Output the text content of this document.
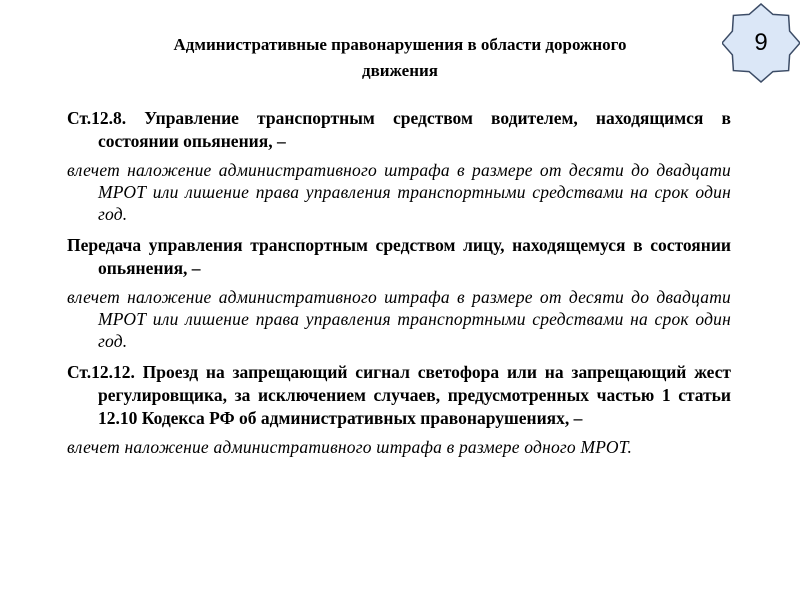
Административные правонарушения в области дорожного
движения
9

Ст.12.8. Управление транспортным средством водителем, находящимся в состоянии опьянения, –

влечет наложение административного штрафа в размере от десяти до двадцати МРОТ или лишение права управления транспортными средствами на срок один год.

Передача управления транспортным средством лицу, находящемуся в состоянии опьянения, –

влечет наложение административного штрафа в размере от десяти до двадцати МРОТ или лишение права управления транспортными средствами на срок один год.

Ст.12.12. Проезд на запрещающий сигнал светофора или на запрещающий жест регулировщика, за исключением случаев, предусмотренных частью 1 статьи 12.10 Кодекса РФ об административных правонарушениях, –

влечет наложение административного штрафа в размере одного МРОТ.
